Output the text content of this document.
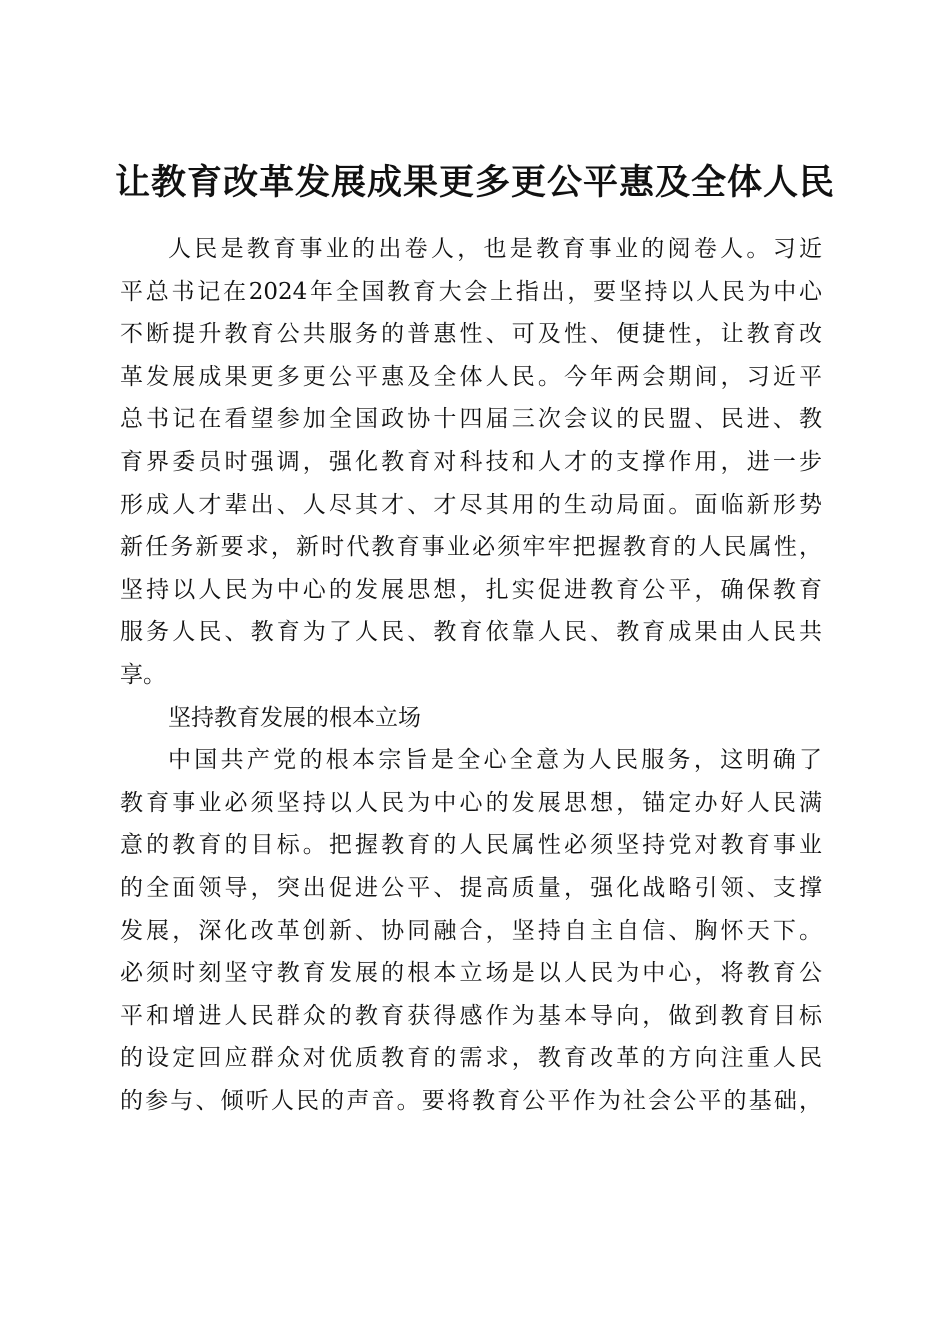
让教育改革发展成果更多更公平惠及全体人民
人民是教育事业的出卷人，也是教育事业的阅卷人。习近
平总书记在2024年全国教育大会上指出，要坚持以人民为中心
不断提升教育公共服务的普惠性、可及性、便捷性，让教育改
革发展成果更多更公平惠及全体人民。今年两会期间，习近平
总书记在看望参加全国政协十四届三次会议的民盟、民进、教
育界委员时强调，强化教育对科技和人才的支撑作用，进一步
形成人才辈出、人尽其才、才尽其用的生动局面。面临新形势
新任务新要求，新时代教育事业必须牢牢把握教育的人民属性，
坚持以人民为中心的发展思想，扎实促进教育公平，确保教育
服务人民、教育为了人民、教育依靠人民、教育成果由人民共
享。
坚持教育发展的根本立场
中国共产党的根本宗旨是全心全意为人民服务，这明确了
教育事业必须坚持以人民为中心的发展思想，锚定办好人民满
意的教育的目标。把握教育的人民属性必须坚持党对教育事业
的全面领导，突出促进公平、提高质量，强化战略引领、支撑
发展，深化改革创新、协同融合，坚持自主自信、胸怀天下。
必须时刻坚守教育发展的根本立场是以人民为中心，将教育公
平和增进人民群众的教育获得感作为基本导向，做到教育目标
的设定回应群众对优质教育的需求，教育改革的方向注重人民
的参与、倾听人民的声音。要将教育公平作为社会公平的基础，
